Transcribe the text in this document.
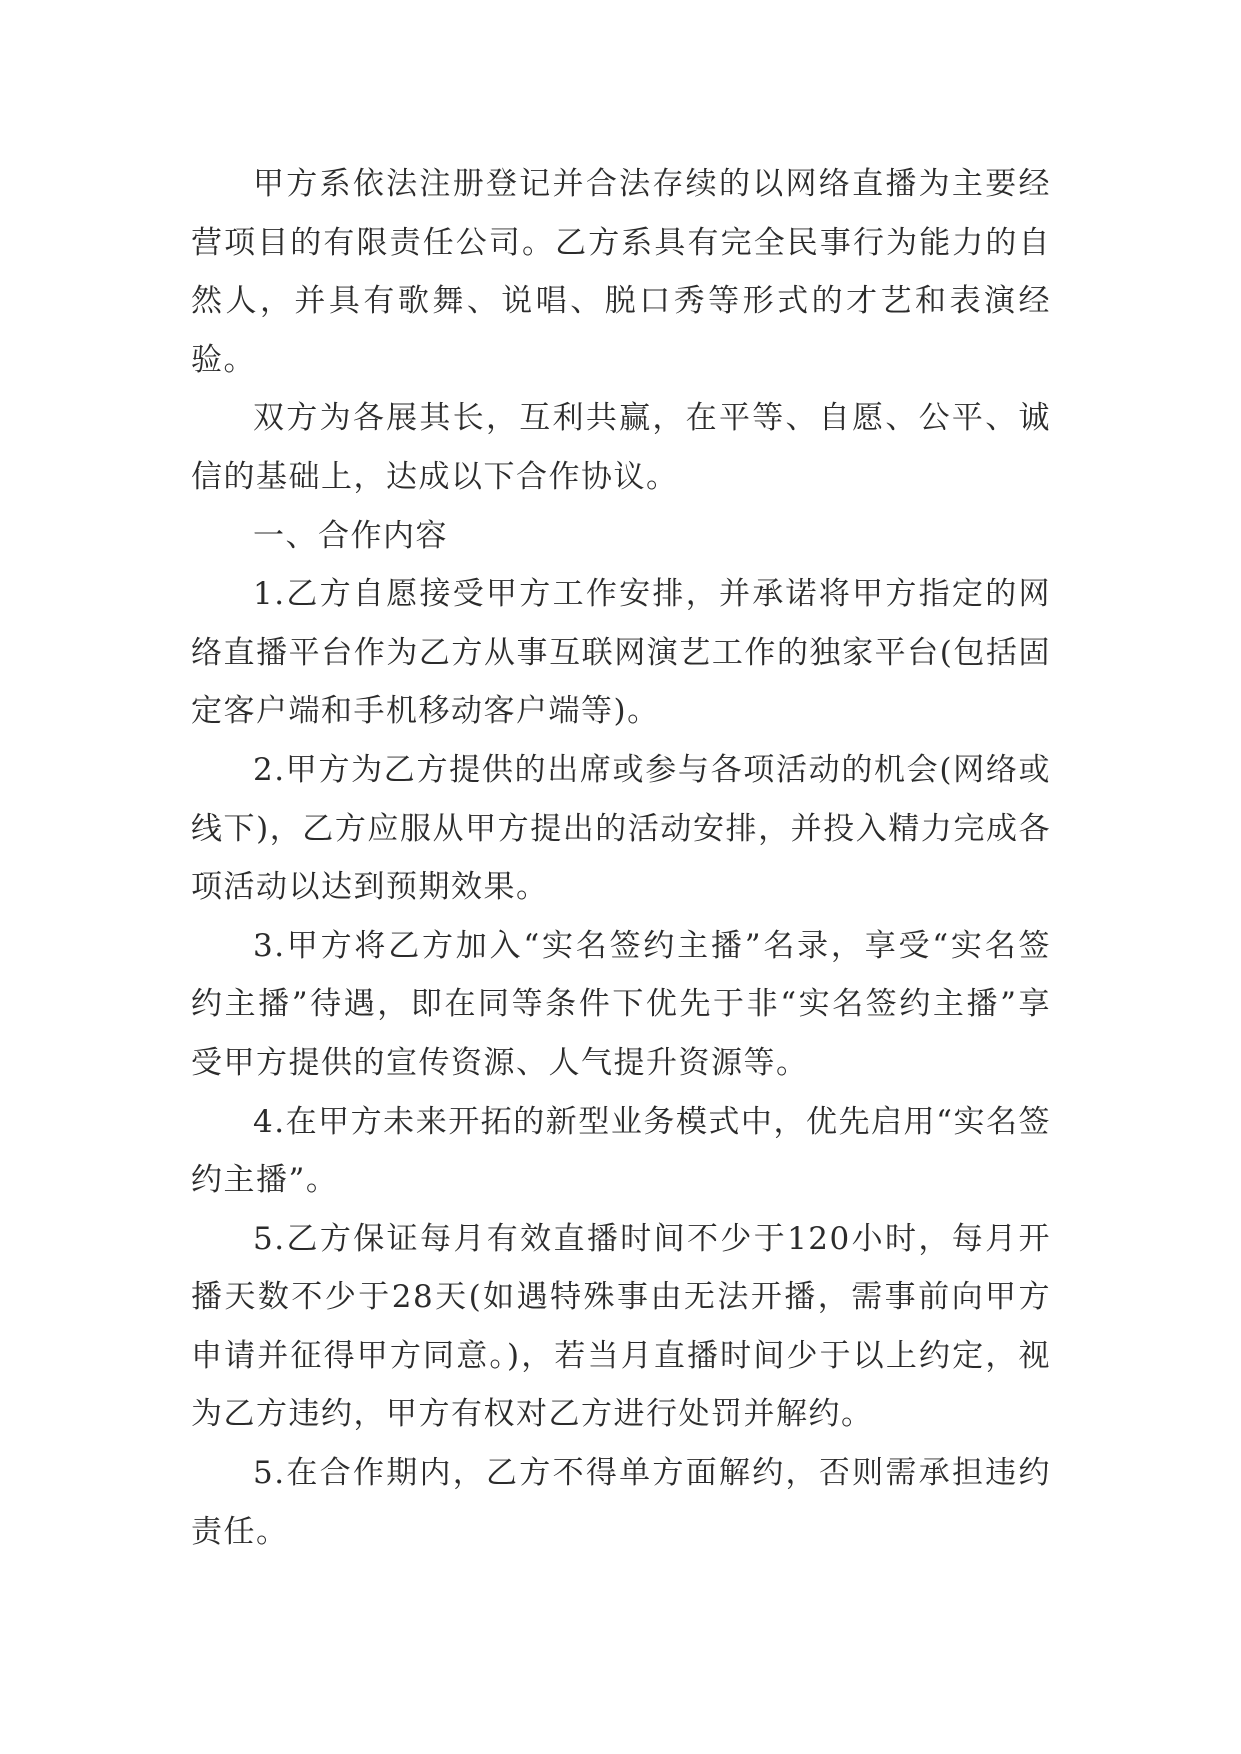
甲方系依法注册登记并合法存续的以网络直播为主要经营项目的有限责任公司。乙方系具有完全民事行为能力的自然人，并具有歌舞、说唱、脱口秀等形式的才艺和表演经验。

双方为各展其长，互利共赢，在平等、自愿、公平、诚信的基础上，达成以下合作协议。

一、合作内容

1.乙方自愿接受甲方工作安排，并承诺将甲方指定的网络直播平台作为乙方从事互联网演艺工作的独家平台(包括固定客户端和手机移动客户端等)。

2.甲方为乙方提供的出席或参与各项活动的机会(网络或线下)，乙方应服从甲方提出的活动安排，并投入精力完成各项活动以达到预期效果。

3.甲方将乙方加入“实名签约主播”名录，享受“实名签约主播”待遇，即在同等条件下优先于非“实名签约主播”享受甲方提供的宣传资源、人气提升资源等。

4.在甲方未来开拓的新型业务模式中，优先启用“实名签约主播”。

5.乙方保证每月有效直播时间不少于120小时，每月开播天数不少于28天(如遇特殊事由无法开播，需事前向甲方申请并征得甲方同意。)，若当月直播时间少于以上约定，视为乙方违约，甲方有权对乙方进行处罚并解约。

5.在合作期内，乙方不得单方面解约，否则需承担违约责任。
